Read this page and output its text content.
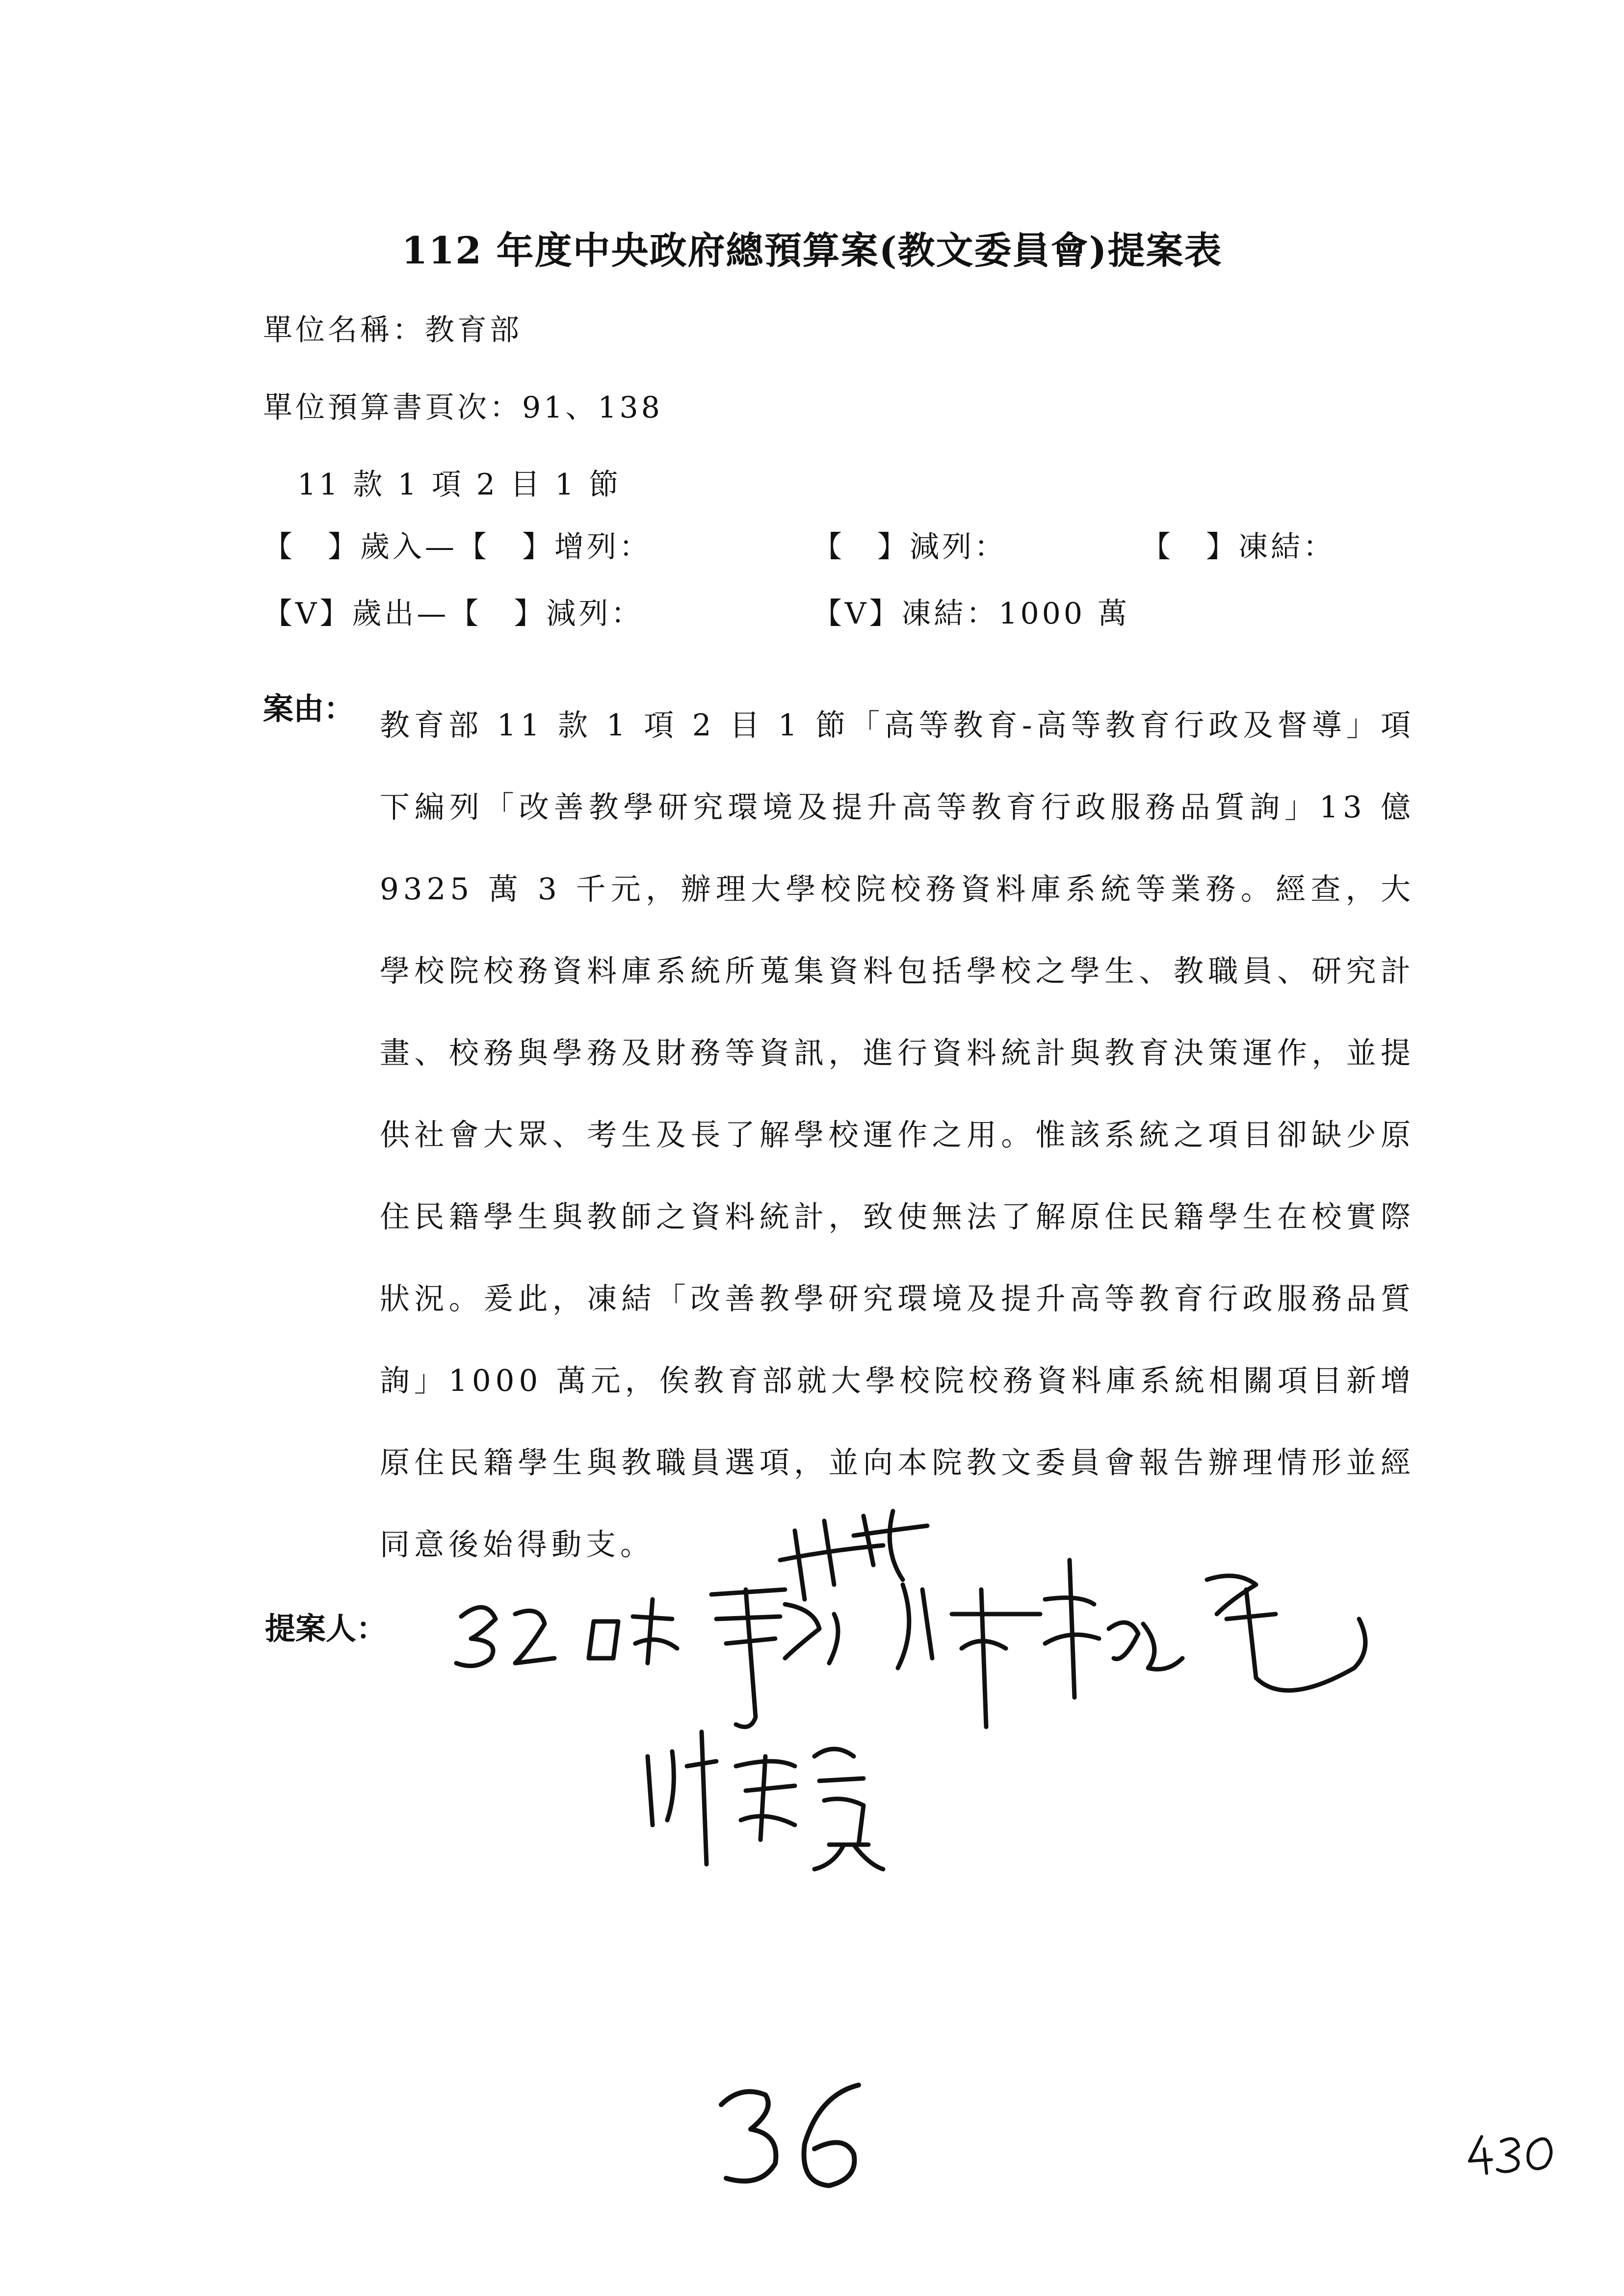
112 年度中央政府總預算案(教文委員會)提案表
單位名稱：教育部
單位預算書頁次：91、138
11 款 1 項 2 目 1 節
【　】歲入—【　】增列：	【　】減列：	【　】凍結：
【V】歲出—【　】減列：	【V】凍結：1000 萬
案由： 教育部 11 款 1 項 2 目 1 節「高等教育-高等教育行政及督導」項下編列「改善教學研究環境及提升高等教育行政服務品質詢」13 億 9325 萬 3 千元，辦理大學校院校務資料庫系統等業務。經查，大學校院校務資料庫系統所蒐集資料包括學校之學生、教職員、研究計畫、校務與學務及財務等資訊，進行資料統計與教育決策運作，並提供社會大眾、考生及長了解學校運作之用。惟該系統之項目卻缺少原住民籍學生與教師之資料統計，致使無法了解原住民籍學生在校實際狀況。爰此，凍結「改善教學研究環境及提升高等教育行政服務品質詢」1000 萬元，俟教育部就大學校院校務資料庫系統相關項目新增原住民籍學生與教職員選項，並向本院教文委員會報告辦理情形並經同意後始得動支。
提案人：
